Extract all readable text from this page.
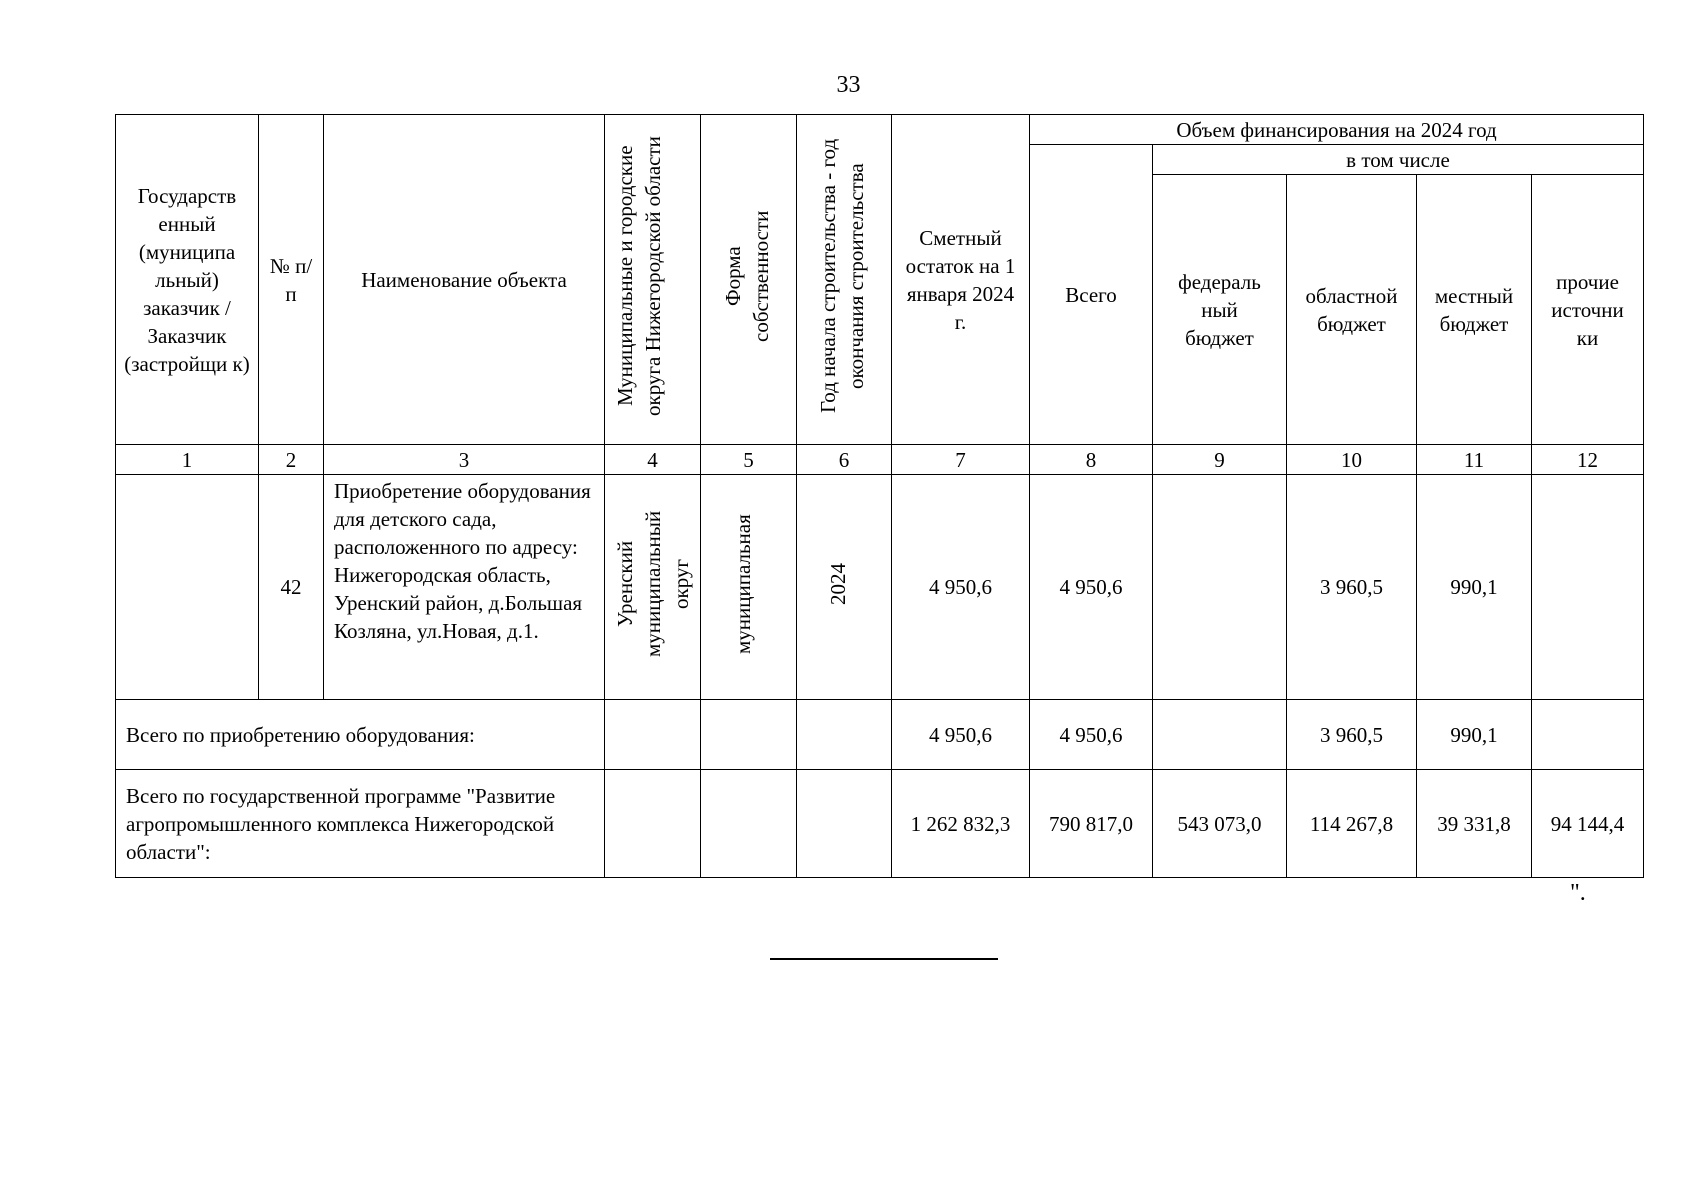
33
Государств енный (муниципа льный) заказчик / Заказчик (застройщи к)	№ п/п	Наименование объекта	Муниципальные и городские округа Нижегородской области	Форма собственности	Год начала строительства - год окончания строительства	Сметный остаток на 1 января 2024 г.	Объем финансирования на 2024 год				
							Всего	в том числе			
								федераль ный бюджет	областной бюджет	местный бюджет	прочие источни ки
1	2	3	4	5	6	7	8	9	10	11	12
	42	Приобретение оборудования для детского сада, расположенного по адресу: Нижегородская область, Уренский район, д.Большая Козляна, ул.Новая, д.1.	Уренский муниципальный округ	муниципальная	2024	4 950,6	4 950,6		3 960,5	990,1	
Всего по приобретению оборудования:						4 950,6	4 950,6		3 960,5	990,1	
Всего по государственной программе "Развитие агропромышленного комплекса Нижегородской области":						1 262 832,3	790 817,0	543 073,0	114 267,8	39 331,8	94 144,4
".
